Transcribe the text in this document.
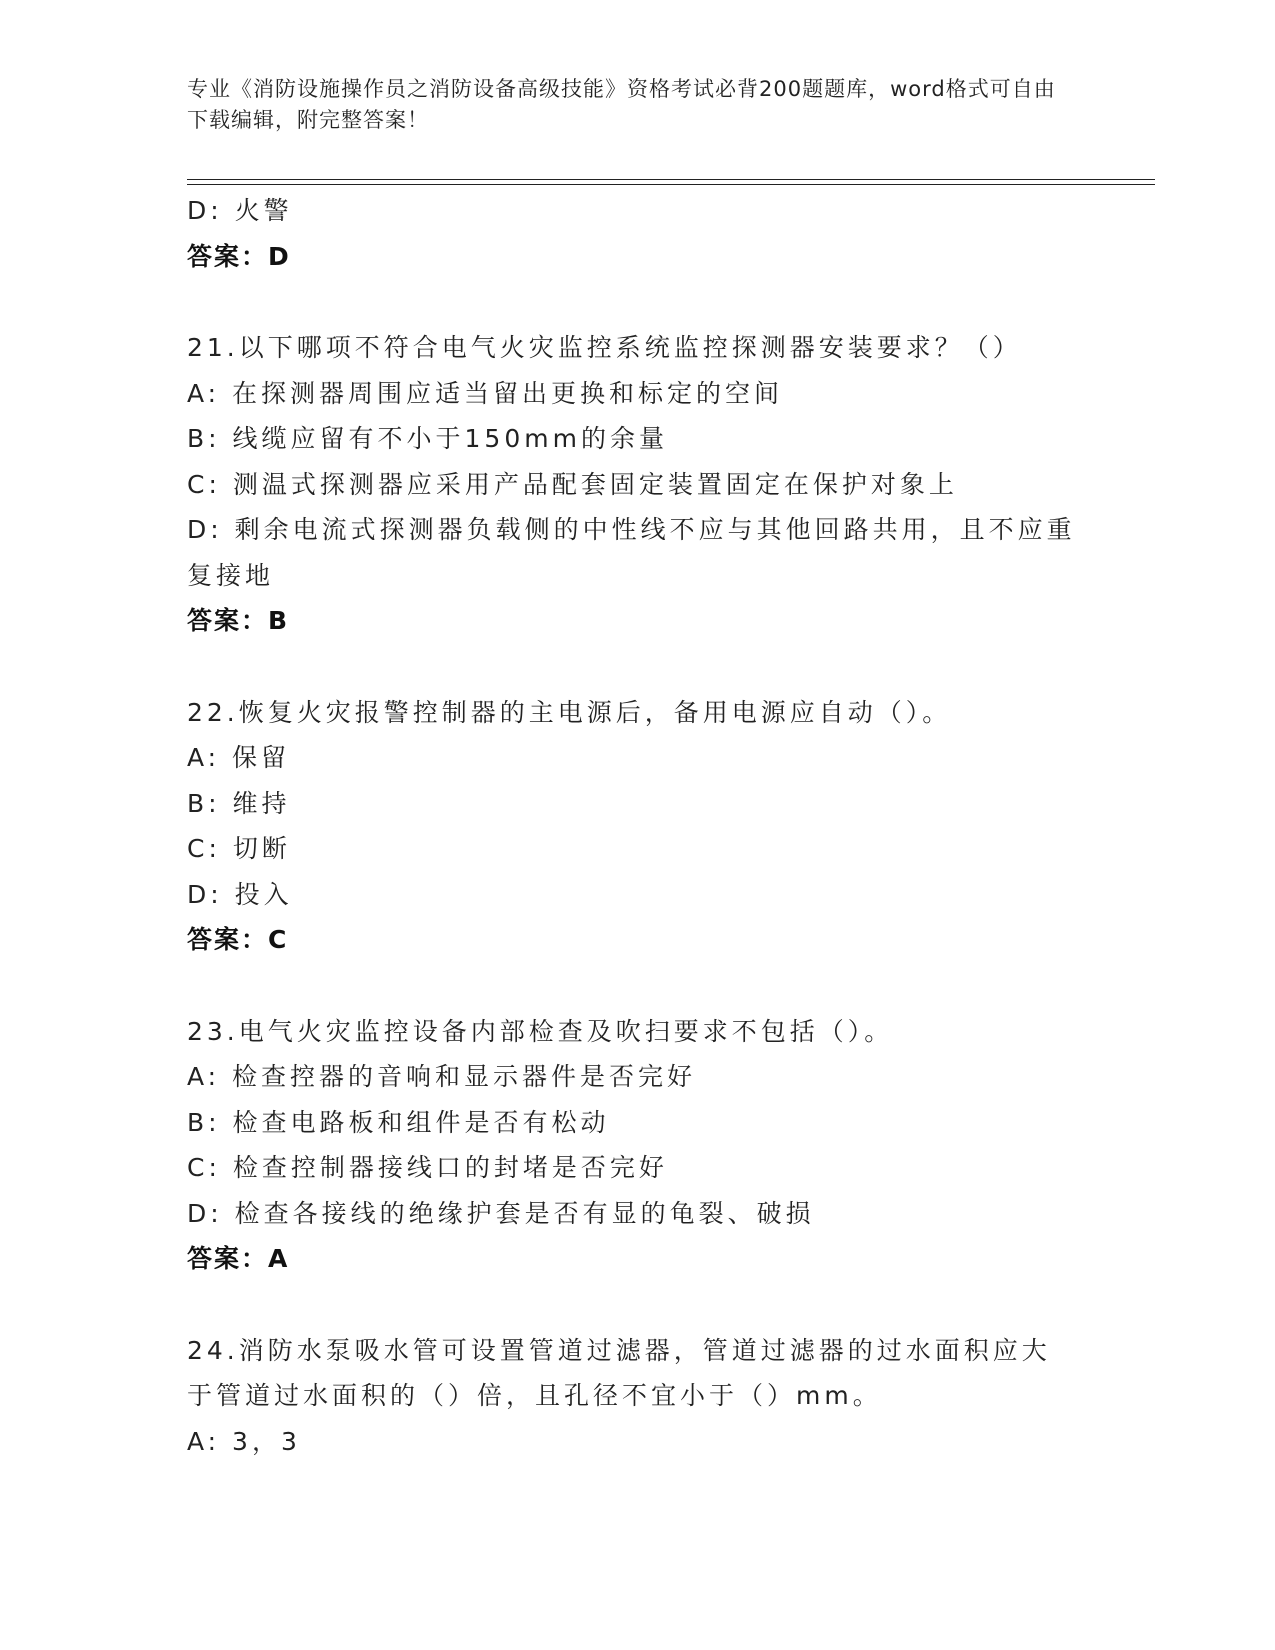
专业《消防设施操作员之消防设备高级技能》资格考试必背200题题库，word格式可自由下载编辑，附完整答案！
D: 火警
答案：D
21.以下哪项不符合电气火灾监控系统监控探测器安装要求？（）
A: 在探测器周围应适当留出更换和标定的空间
B: 线缆应留有不小于150mm的余量
C: 测温式探测器应采用产品配套固定装置固定在保护对象上
D: 剩余电流式探测器负载侧的中性线不应与其他回路共用，且不应重复接地
答案：B
22.恢复火灾报警控制器的主电源后，备用电源应自动（）。
A: 保留
B: 维持
C: 切断
D: 投入
答案：C
23.电气火灾监控设备内部检查及吹扫要求不包括（）。
A: 检查控器的音响和显示器件是否完好
B: 检查电路板和组件是否有松动
C: 检查控制器接线口的封堵是否完好
D: 检查各接线的绝缘护套是否有显的龟裂、破损
答案：A
24.消防水泵吸水管可设置管道过滤器，管道过滤器的过水面积应大于管道过水面积的（）倍，且孔径不宜小于（）mm。
A: 3，3
